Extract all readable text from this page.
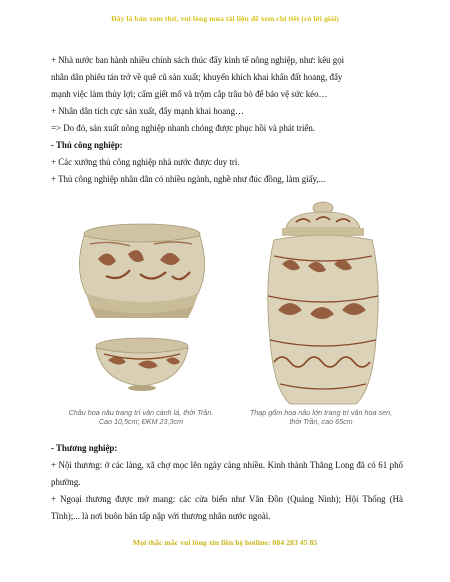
Đây là bản xem thử, vui lòng mua tài liệu để xem chi tiết (có lời giải)

+ Nhà nước ban hành nhiều chính sách thúc đẩy kinh tế nông nghiệp, như: kêu gọi

nhân dân phiêu tán trở về quê cũ sản xuất; khuyến khích khai khẩn đất hoang, đẩy

mạnh việc làm thủy lợi; cấm giết mổ và trộm cắp trâu bò để bảo vệ sức kéo…

+ Nhân dân tích cực sản xuất, đẩy mạnh khai hoang…

=> Do đó, sản xuất nông nghiệp nhanh chóng được phục hồi và phát triển.

- Thủ công nghiệp:

+ Các xưởng thủ công nghiệp nhà nước được duy trì.

+ Thủ công nghiệp nhân dân có nhiều ngành, nghề như đúc đồng, làm giấy,...

Châu hoa nâu trang trí văn cành lá, thời Trần.
Cao 10,5cm; ĐKM 23,3cm
Thạp gốm hoa nâu lớn trang trí văn hoa sen,
thời Trần, cao 65cm

- Thương nghiệp:

+ Nội thương: ở các làng, xã chợ mọc lên ngày càng nhiều. Kinh thành Thăng Long đã có 61 phố phường.

+ Ngoại thương được mở mang: các cửa biển như Vân Đồn (Quảng Ninh); Hội Thống (Hà Tĩnh);... là nơi buôn bán tấp nập với thương nhân nước ngoài.

Mọi thắc mắc vui lòng xin liên hệ hotline: 084 283 45 85
